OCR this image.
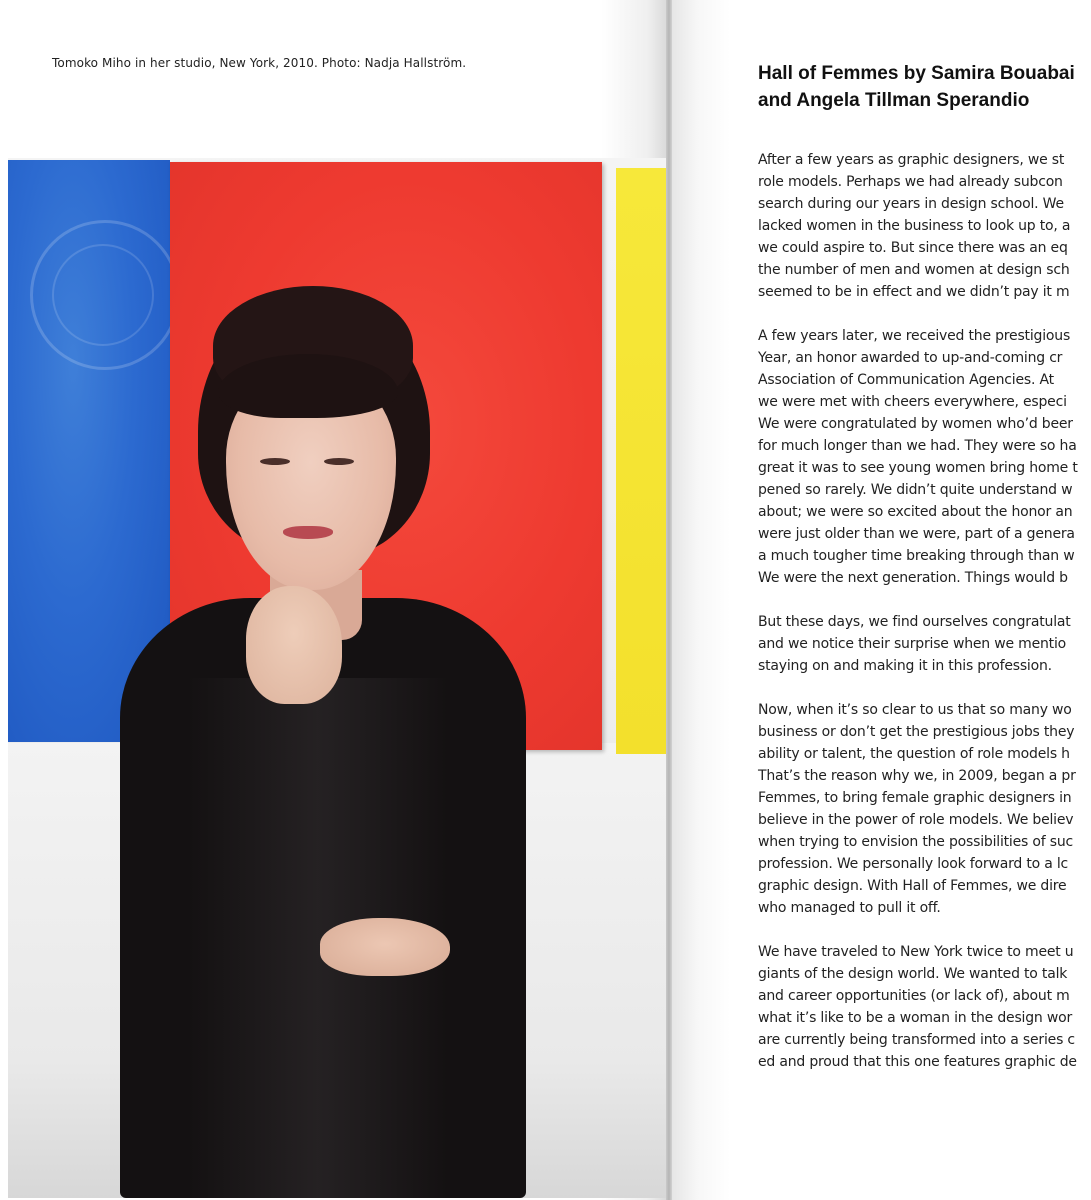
Tomoko Miho in her studio, New York, 2010. Photo: Nadja Hallström.	Hall of Femmes by Samira Bouabai
and Angela Tillman Sperandio
After a few years as graphic designers, we st
role models. Perhaps we had already subcon
search during our years in design school. We
lacked women in the business to look up to, a
we could aspire to. But since there was an eq
the number of men and women at design sch
seemed to be in effect and we didn’t pay it m
A few years later, we received the prestigious
Year, an honor awarded to up-and-coming cr
Association of Communication Agencies. At
we were met with cheers everywhere, especi
We were congratulated by women who’d beer
for much longer than we had. They were so ha
great it was to see young women bring home t
pened so rarely. We didn’t quite understand w
about; we were so excited about the honor an
were just older than we were, part of a genera
a much tougher time breaking through than w
We were the next generation. Things would b
But these days, we find ourselves congratulat
and we notice their surprise when we mentio
staying on and making it in this profession.
Now, when it’s so clear to us that so many wo
business or don’t get the prestigious jobs they
ability or talent, the question of role models h
That’s the reason why we, in 2009, began a pr
Femmes, to bring female graphic designers in
believe in the power of role models. We believ
when trying to envision the possibilities of suc
profession. We personally look forward to a lc
graphic design. With Hall of Femmes, we dire
who managed to pull it off.
We have traveled to New York twice to meet u
giants of the design world. We wanted to talk
and career opportunities (or lack of), about m
what it’s like to be a woman in the design wor
are currently being transformed into a series c
ed and proud that this one features graphic de
